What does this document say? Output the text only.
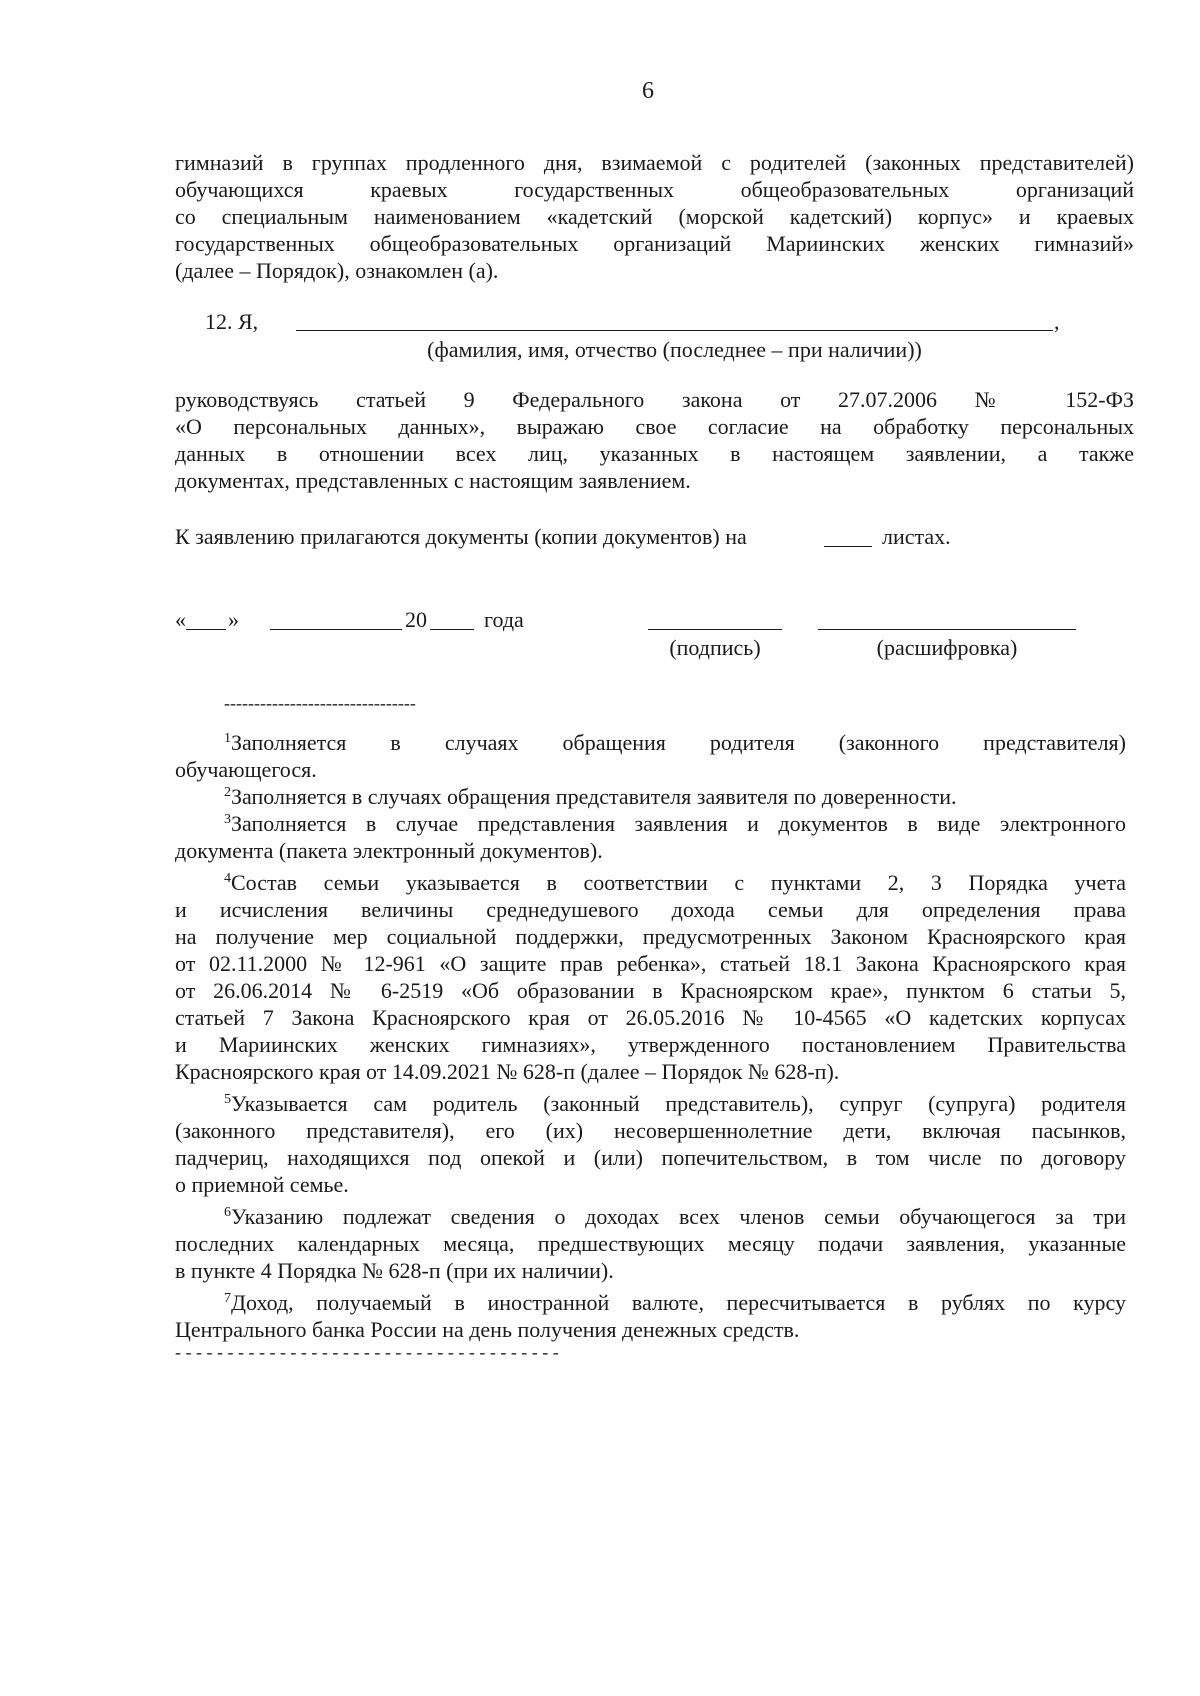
6
гимназий в группах продленного дня, взимаемой с родителей (законных представителей)
обучающихся краевых государственных общеобразовательных организаций
со специальным наименованием «кадетский (морской кадетский) корпус» и краевых
государственных общеобразовательных организаций Мариинских женских гимназий»
(далее – Порядок), ознакомлен (а).
12. Я,	,
(фамилия, имя, отчество (последнее – при наличии))
руководствуясь статьей 9 Федерального закона от 27.07.2006 № 152-ФЗ
«О персональных данных», выражаю свое согласие на обработку персональных
данных в отношении всех лиц, указанных в настоящем заявлении, а также
документах, представленных с настоящим заявлением.
К заявлению прилагаются документы (копии документов) на	листах.
« »	20	года
(подпись)	(расшифровка)
--------------------------------
$^1$Заполняется в случаях обращения родителя (законного представителя)
обучающегося.
$^2$Заполняется в случаях обращения представителя заявителя по доверенности.
$^3$Заполняется в случае представления заявления и документов в виде электронного
документа (пакета электронный документов).
$^4$Состав семьи указывается в соответствии с пунктами 2, 3 Порядка учета
и исчисления величины среднедушевого дохода семьи для определения права
на получение мер социальной поддержки, предусмотренных Законом Красноярского края
от 02.11.2000 № 12-961 «О защите прав ребенка», статьей 18.1 Закона Красноярского края
от 26.06.2014 № 6-2519 «Об образовании в Красноярском крае», пунктом 6 статьи 5,
статьей 7 Закона Красноярского края от 26.05.2016 № 10-4565 «О кадетских корпусах
и Мариинских женских гимназиях», утвержденного постановлением Правительства
Красноярского края от 14.09.2021 № 628-п (далее – Порядок № 628-п).
$^5$Указывается сам родитель (законный представитель), супруг (супруга) родителя
(законного представителя), его (их) несовершеннолетние дети, включая пасынков,
падчериц, находящихся под опекой и (или) попечительством, в том числе по договору
о приемной семье.
$^6$Указанию подлежат сведения о доходах всех членов семьи обучающегося за три
последних календарных месяца, предшествующих месяцу подачи заявления, указанные
в пункте 4 Порядка № 628-п (при их наличии).
$^7$Доход, получаемый в иностранной валюте, пересчитывается в рублях по курсу
Центрального банка России на день получения денежных средств.
- - - - - - - - - - - - - - - - - - - - - - - - - - - - - - - - - - - - -
